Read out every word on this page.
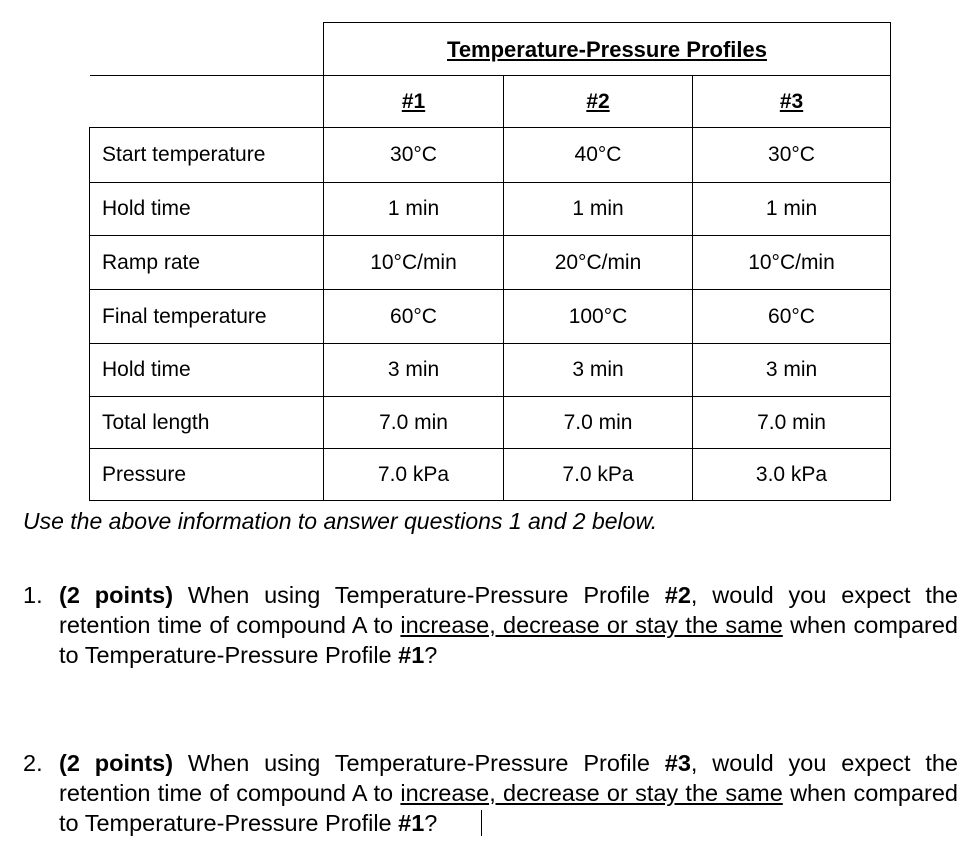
	Temperature-Pressure Profiles		
	#1	#2	#3
Start temperature	30°C	40°C	30°C
Hold time	1 min	1 min	1 min
Ramp rate	10°C/min	20°C/min	10°C/min
Final temperature	60°C	100°C	60°C
Hold time	3 min	3 min	3 min
Total length	7.0 min	7.0 min	7.0 min
Pressure	7.0 kPa	7.0 kPa	3.0 kPa

Use the above information to answer questions 1 and 2 below.

1. (2 points) When using Temperature-Pressure Profile #2, would you expect the retention time of compound A to increase, decrease or stay the same when compared to Temperature-Pressure Profile #1?
2. (2 points) When using Temperature-Pressure Profile #3, would you expect the retention time of compound A to increase, decrease or stay the same when compared to Temperature-Pressure Profile #1?
